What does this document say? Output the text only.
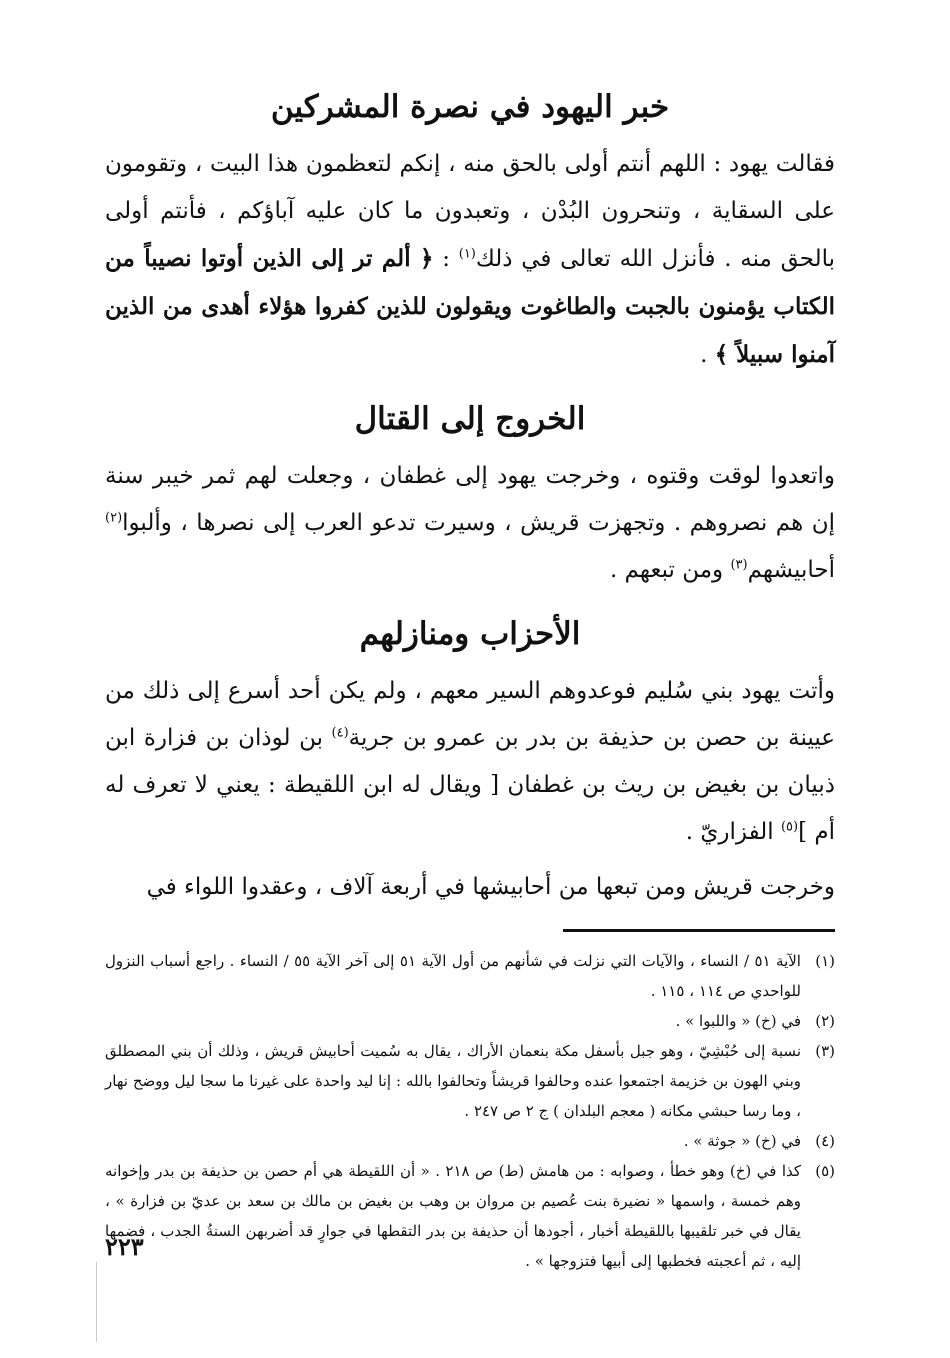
خبر اليهود في نصرة المشركين

فقالت يهود : اللهم أنتم أولى بالحق منه ، إنكم لتعظمون هذا البيت ، وتقومون على السقاية ، وتنحرون البُدْن ، وتعبدون ما كان عليه آباؤكم ، فأنتم أولى بالحق منه . فأنزل الله تعالى في ذلك$^{(١)}$ : ﴿ ألم تر إلى الذين أوتوا نصيباً من الكتاب يؤمنون بالجبت والطاغوت ويقولون للذين كفروا هؤلاء أهدى من الذين آمنوا سبيلاً ﴾ .

الخروج إلى القتال

واتعدوا لوقت وقتوه ، وخرجت يهود إلى غطفان ، وجعلت لهم ثمر خيبر سنة إن هم نصروهم . وتجهزت قريش ، وسيرت تدعو العرب إلى نصرها ، وألبوا$^{(٢)}$ أحابيشهم$^{(٣)}$ ومن تبعهم .

الأحزاب ومنازلهم

وأتت يهود بني سُليم فوعدوهم السير معهم ، ولم يكن أحد أسرع إلى ذلك من عيينة بن حصن بن حذيفة بن بدر بن عمرو بن جرية$^{(٤)}$ بن لوذان بن فزارة ابن ذبيان بن بغيض بن ريث بن غطفان [ ويقال له ابن اللقيطة : يعني لا تعرف له أم ]$^{(٥)}$ الفزاريّ .

وخرجت قريش ومن تبعها من أحابيشها في أربعة آلاف ، وعقدوا اللواء في

(١)
الآية ٥١ / النساء ، والآيات التي نزلت في شأنهم من أول الآية ٥١ إلى آخر الآية ٥٥ / النساء . راجع أسباب النزول للواحدي ص ١١٤ ، ١١٥ .
(٢)
في (خ) « واللبوا » .
(٣)
نسبة إلى حُبْشِيّ ، وهو جبل بأسفل مكة بنعمان الأراك ، يقال به سُميت أحابيش قريش ، وذلك أن بني المصطلق وبني الهون بن خزيمة اجتمعوا عنده وحالفوا قريشاً وتحالفوا بالله : إنا ليد واحدة على غيرنا ما سجا ليل ووضح نهار ، وما رسا حبشي مكانه ( معجم البلدان ) ج ٢ ص ٢٤٧ .
(٤)
في (خ) « جوثة » .
(٥)
كذا في (خ) وهو خطأ ، وصوابه : من هامش (ط) ص ٢١٨ . « أن اللقيطة هي أم حصن بن حذيفة بن بدر وإخوانه وهم خمسة ، واسمها « نضيرة بنت عُصيم بن مروان بن وهب بن بغيض بن مالك بن سعد بن عديّ بن فزارة » ، يقال في خبر تلقيبها باللقيطة أخبار ، أجودها أن حذيفة بن بدر التقطها في جوارٍ قد أضربهن السنةُ الجدب ، فضمها إليه ، ثم أعجبته فخطبها إلى أبيها فتزوجها » .
٢٢٣
